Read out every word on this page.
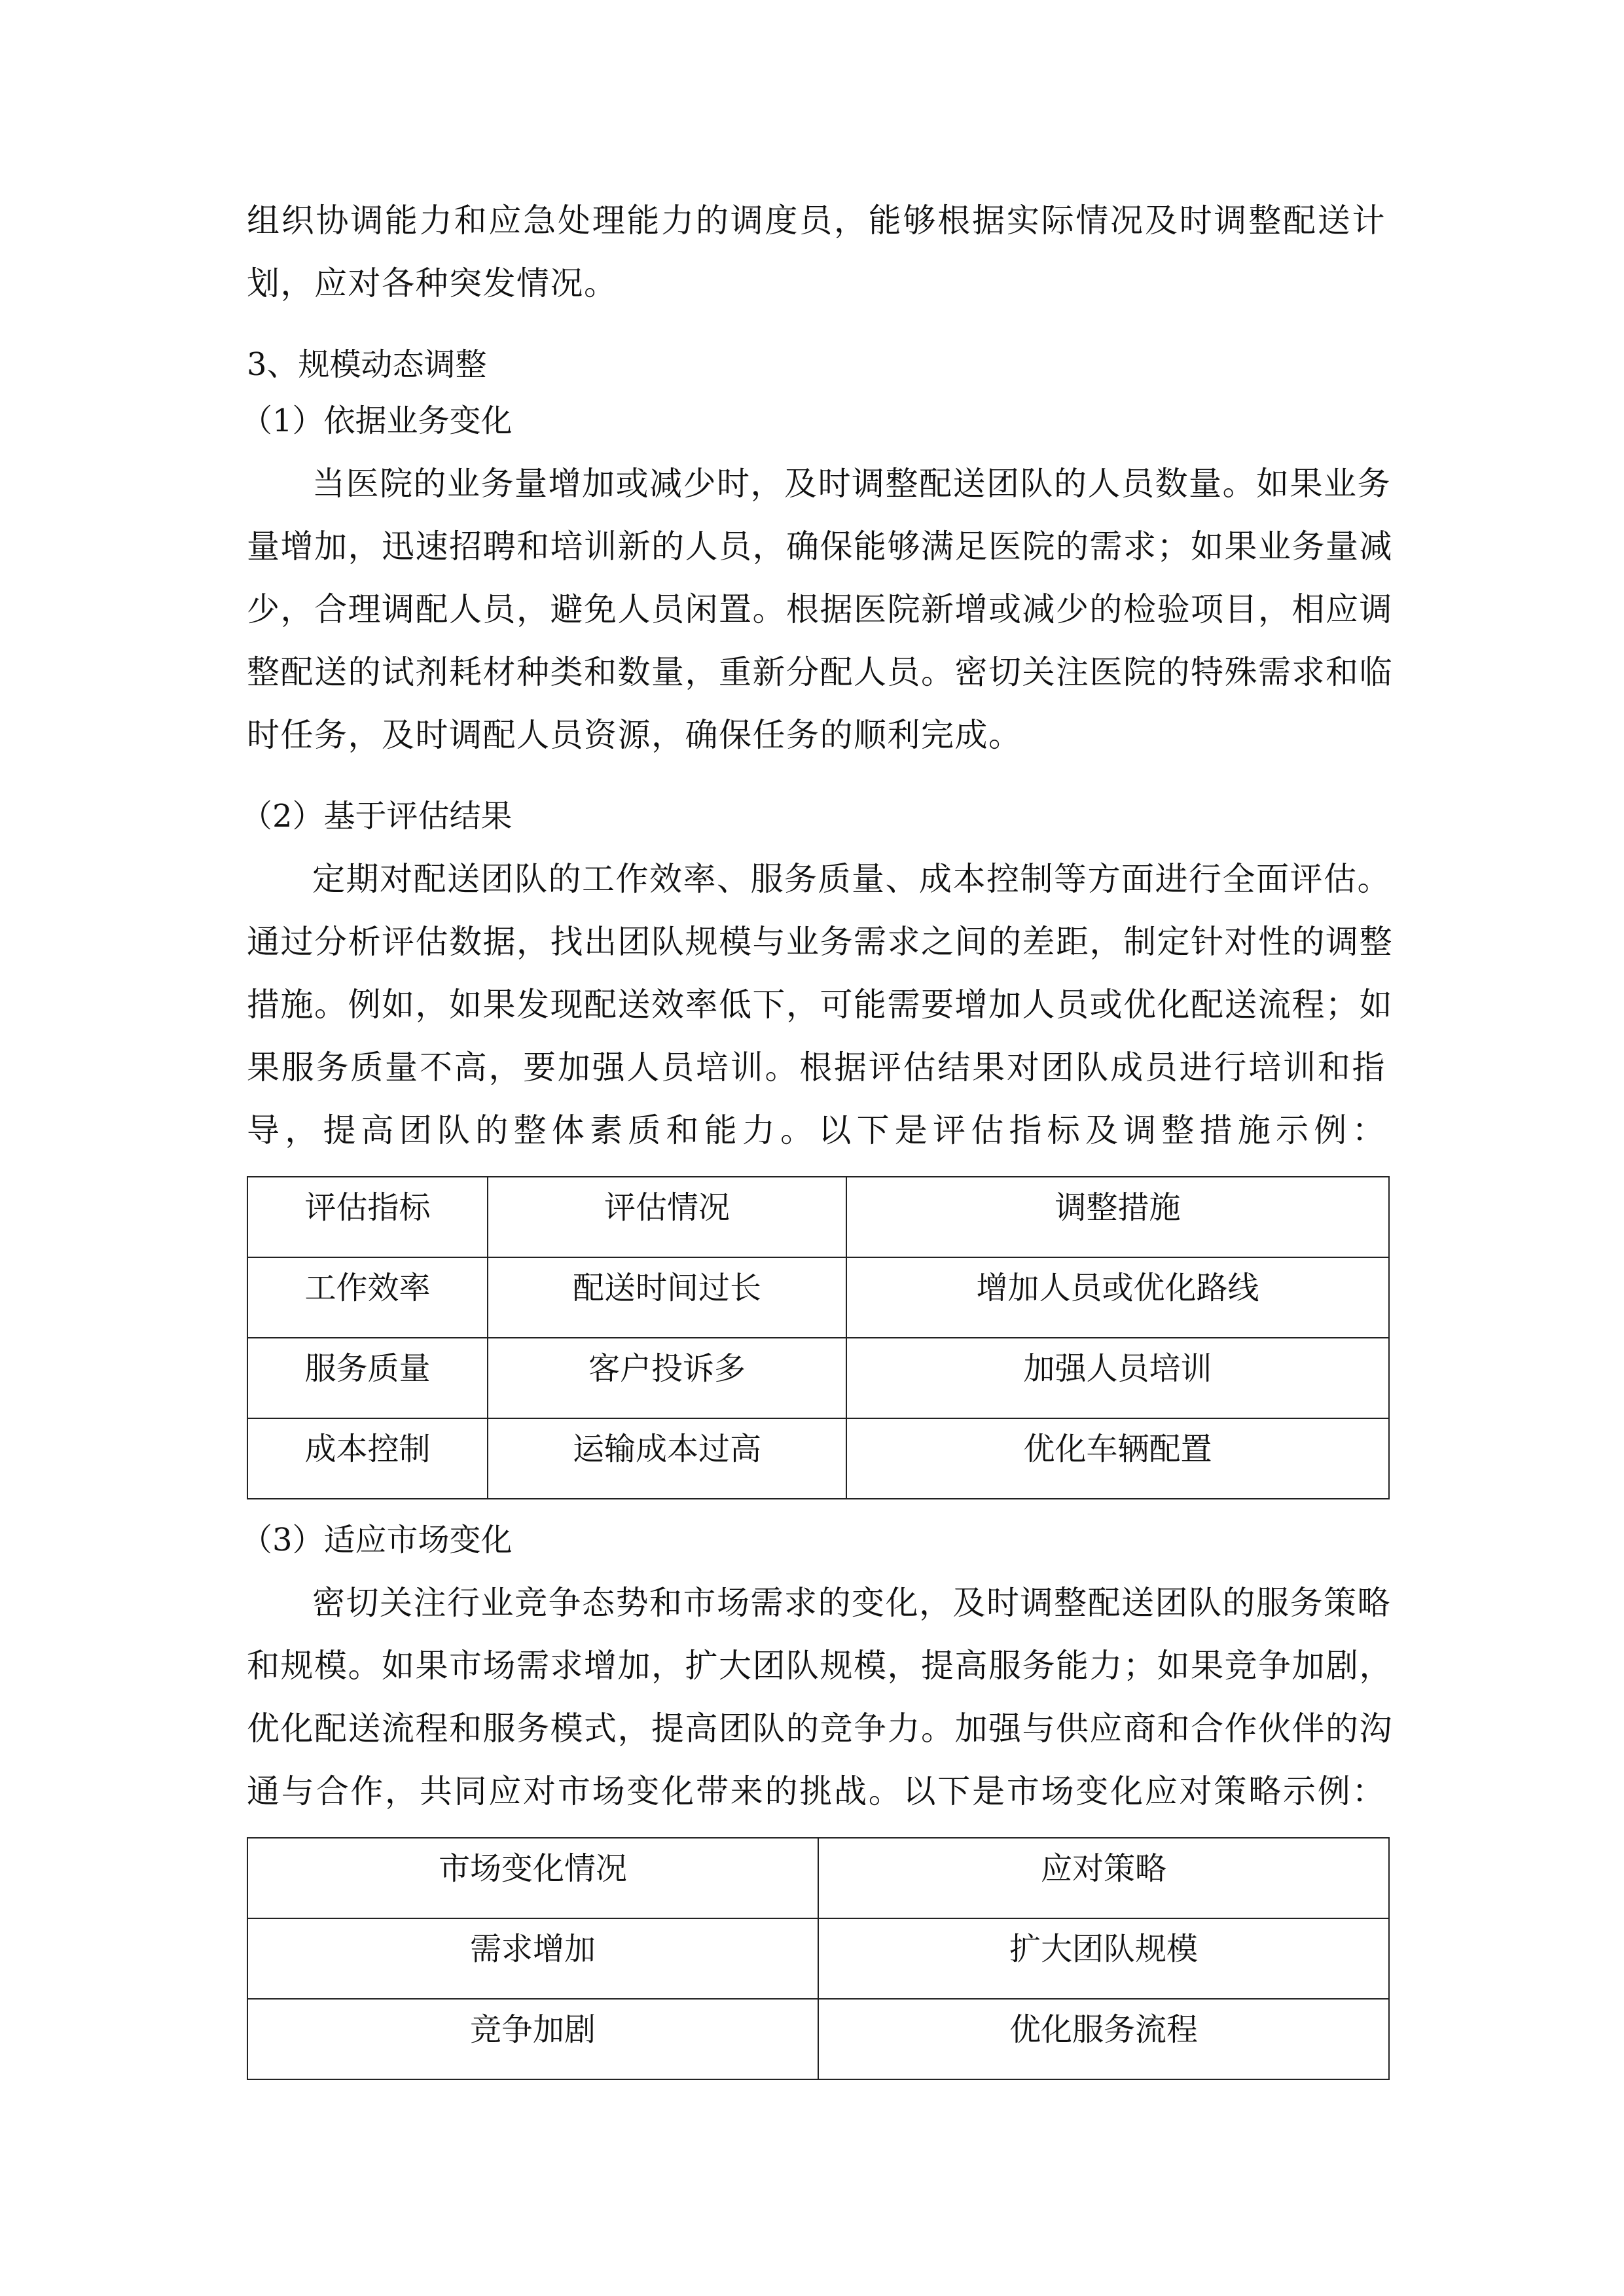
组织协调能力和应急处理能力的调度员，能够根据实际情况及时调整配送计
划，应对各种突发情况。
3、规模动态调整
（1）依据业务变化
当医院的业务量增加或减少时，及时调整配送团队的人员数量。如果业务
量增加，迅速招聘和培训新的人员，确保能够满足医院的需求；如果业务量减
少，合理调配人员，避免人员闲置。根据医院新增或减少的检验项目，相应调
整配送的试剂耗材种类和数量，重新分配人员。密切关注医院的特殊需求和临
时任务，及时调配人员资源，确保任务的顺利完成。
（2）基于评估结果
定期对配送团队的工作效率、服务质量、成本控制等方面进行全面评估。
通过分析评估数据，找出团队规模与业务需求之间的差距，制定针对性的调整
措施。例如，如果发现配送效率低下，可能需要增加人员或优化配送流程；如
果服务质量不高，要加强人员培训。根据评估结果对团队成员进行培训和指
导，提高团队的整体素质和能力。以下是评估指标及调整措施示例：
评估指标	评估情况	调整措施
工作效率	配送时间过长	增加人员或优化路线
服务质量	客户投诉多	加强人员培训
成本控制	运输成本过高	优化车辆配置
（3）适应市场变化
密切关注行业竞争态势和市场需求的变化，及时调整配送团队的服务策略
和规模。如果市场需求增加，扩大团队规模，提高服务能力；如果竞争加剧，
优化配送流程和服务模式，提高团队的竞争力。加强与供应商和合作伙伴的沟
通与合作，共同应对市场变化带来的挑战。以下是市场变化应对策略示例：
市场变化情况	应对策略
需求增加	扩大团队规模
竞争加剧	优化服务流程
